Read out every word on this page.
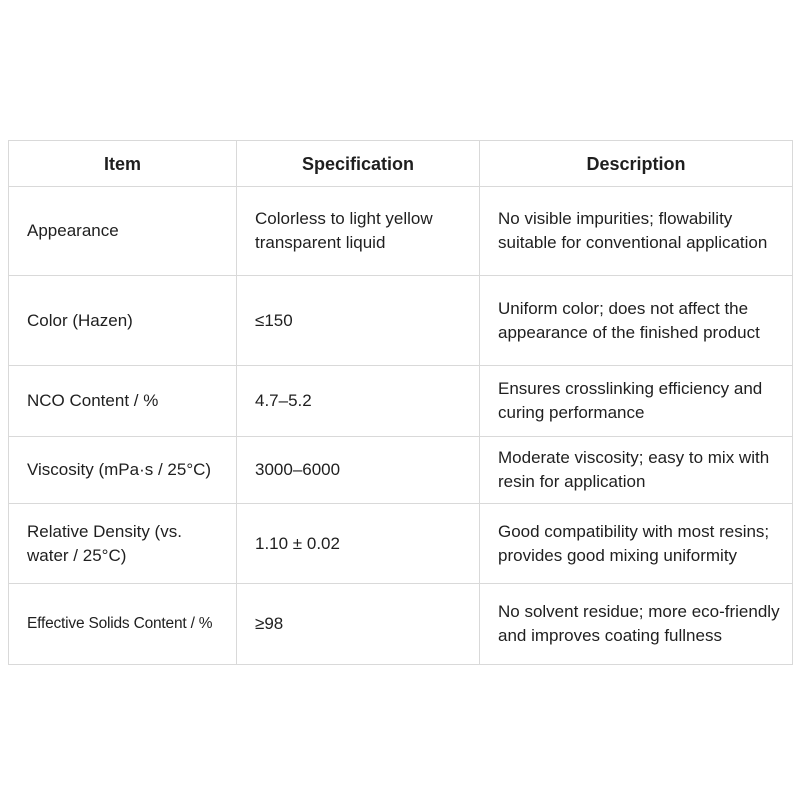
Item	Specification	Description
Appearance	Colorless to light yellow transparent liquid	No visible impurities; flowability suitable for conventional application
Color (Hazen)	≤150	Uniform color; does not affect the appearance of the finished product
NCO Content / %	4.7–5.2	Ensures crosslinking efficiency and curing performance
Viscosity (mPa·s / 25°C)	3000–6000	Moderate viscosity; easy to mix with resin for application
Relative Density (vs. water / 25°C)	1.10 ± 0.02	Good compatibility with most resins; provides good mixing uniformity
Effective Solids Content / %	≥98	No solvent residue; more eco-friendly and improves coating fullness
